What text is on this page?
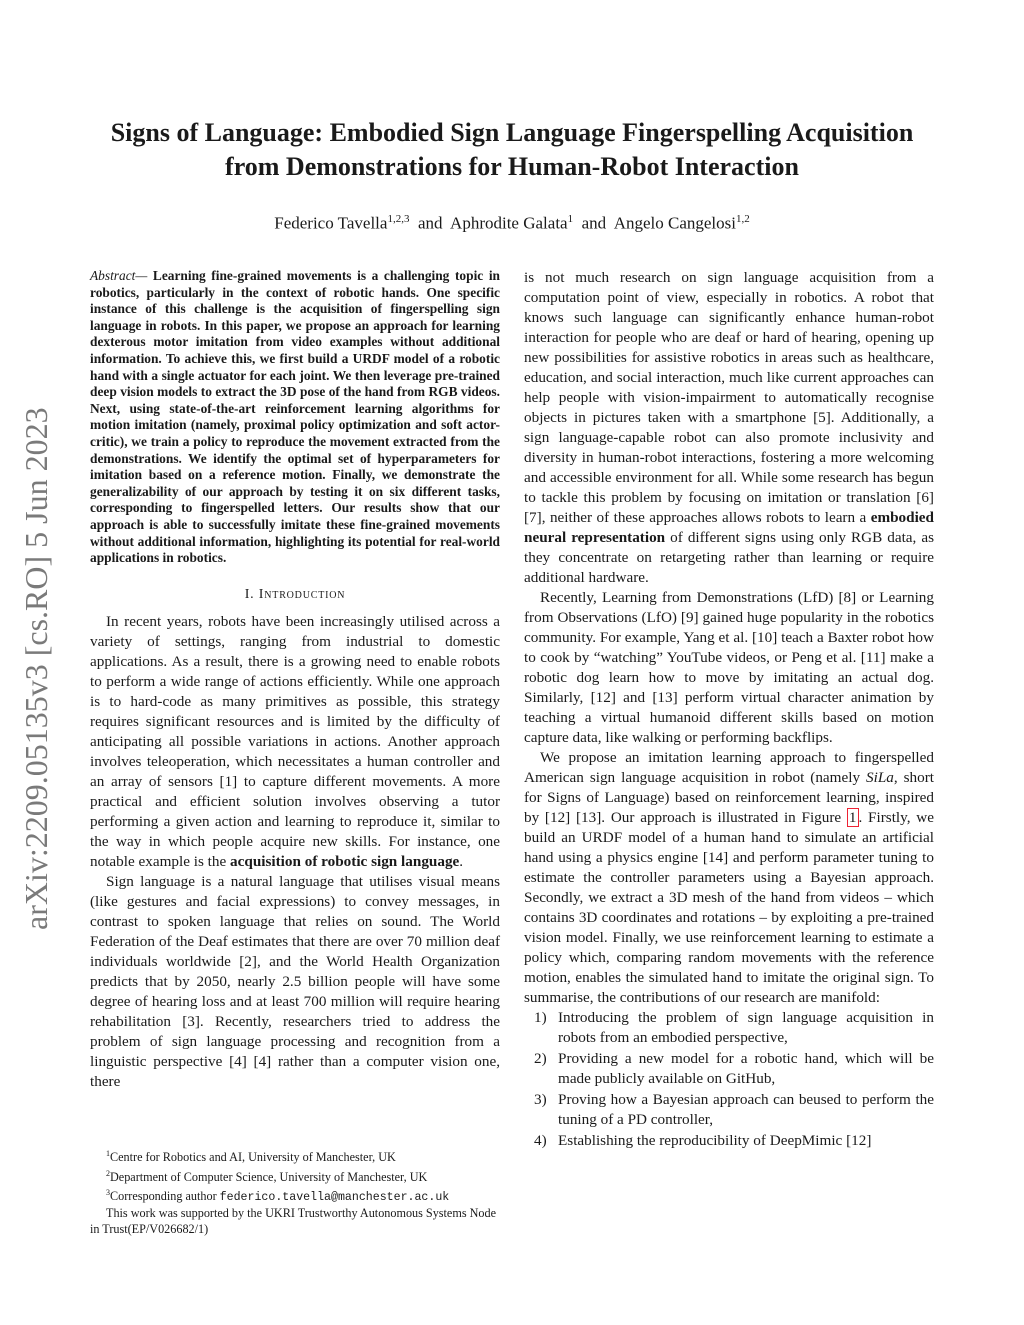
arXiv:2209.05135v3 [cs.RO] 5 Jun 2023
Signs of Language: Embodied Sign Language Fingerspelling Acquisition from Demonstrations for Human-Robot Interaction
Federico Tavella$^{1,2,3}$ and Aphrodite Galata$^1$ and Angelo Cangelosi$^{1,2}$

Abstract— Learning fine-grained movements is a challenging topic in robotics, particularly in the context of robotic hands. One specific instance of this challenge is the acquisition of fingerspelling sign language in robots. In this paper, we propose an approach for learning dexterous motor imitation from video examples without additional information. To achieve this, we first build a URDF model of a robotic hand with a single actuator for each joint. We then leverage pre-trained deep vision models to extract the 3D pose of the hand from RGB videos. Next, using state-of-the-art reinforcement learning algorithms for motion imitation (namely, proximal policy optimization and soft actor-critic), we train a policy to reproduce the movement extracted from the demonstrations. We identify the optimal set of hyperparameters for imitation based on a reference motion. Finally, we demonstrate the generalizability of our approach by testing it on six different tasks, corresponding to fingerspelled letters. Our results show that our approach is able to successfully imitate these fine-grained movements without additional information, highlighting its potential for real-world applications in robotics.

I. Introduction

In recent years, robots have been increasingly utilised across a variety of settings, ranging from industrial to domestic applications. As a result, there is a growing need to enable robots to perform a wide range of actions efficiently. While one approach is to hard-code as many primitives as possible, this strategy requires significant resources and is limited by the difficulty of anticipating all possible variations in actions. Another approach involves teleoperation, which necessitates a human controller and an array of sensors [1] to capture different movements. A more practical and efficient solution involves observing a tutor performing a given action and learning to reproduce it, similar to the way in which people acquire new skills. For instance, one notable example is the acquisition of robotic sign language.

Sign language is a natural language that utilises visual means (like gestures and facial expressions) to convey messages, in contrast to spoken language that relies on sound. The World Federation of the Deaf estimates that there are over 70 million deaf individuals worldwide [2], and the World Health Organization predicts that by 2050, nearly 2.5 billion people will have some degree of hearing loss and at least 700 million will require hearing rehabilitation [3]. Recently, researchers tried to address the problem of sign language processing and recognition from a linguistic perspective [4] [4] rather than a computer vision one, there

$^1$Centre for Robotics and AI, University of Manchester, UK

$^2$Department of Computer Science, University of Manchester, UK

$^3$Corresponding author federico.tavella@manchester.ac.uk

This work was supported by the UKRI Trustworthy Autonomous Systems Node in Trust(EP/V026682/1)

is not much research on sign language acquisition from a computation point of view, especially in robotics. A robot that knows such language can significantly enhance human-robot interaction for people who are deaf or hard of hearing, opening up new possibilities for assistive robotics in areas such as healthcare, education, and social interaction, much like current approaches can help people with vision-impairment to automatically recognise objects in pictures taken with a smartphone [5]. Additionally, a sign language-capable robot can also promote inclusivity and diversity in human-robot interactions, fostering a more welcoming and accessible environment for all. While some research has begun to tackle this problem by focusing on imitation or translation [6] [7], neither of these approaches allows robots to learn a embodied neural representation of different signs using only RGB data, as they concentrate on retargeting rather than learning or require additional hardware.

Recently, Learning from Demonstrations (LfD) [8] or Learning from Observations (LfO) [9] gained huge popularity in the robotics community. For example, Yang et al. [10] teach a Baxter robot how to cook by “watching” YouTube videos, or Peng et al. [11] make a robotic dog learn how to move by imitating an actual dog. Similarly, [12] and [13] perform virtual character animation by teaching a virtual humanoid different skills based on motion capture data, like walking or performing backflips.

We propose an imitation learning approach to fingerspelled American sign language acquisition in robot (namely SiLa, short for Signs of Language) based on reinforcement learning, inspired by [12] [13]. Our approach is illustrated in Figure 1 . Firstly, we build an URDF model of a human hand to simulate an artificial hand using a physics engine [14] and perform parameter tuning to estimate the controller parameters using a Bayesian approach. Secondly, we extract a 3D mesh of the hand from videos – which contains 3D coordinates and rotations – by exploiting a pre-trained vision model. Finally, we use reinforcement learning to estimate a policy which, comparing random movements with the reference motion, enables the simulated hand to imitate the original sign. To summarise, the contributions of our research are manifold:

1) Introducing the problem of sign language acquisition in robots from an embodied perspective,
2) Providing a new model for a robotic hand, which will be made publicly available on GitHub,
3) Proving how a Bayesian approach can beused to perform the tuning of a PD controller,
4) Establishing the reproducibility of DeepMimic [12]
